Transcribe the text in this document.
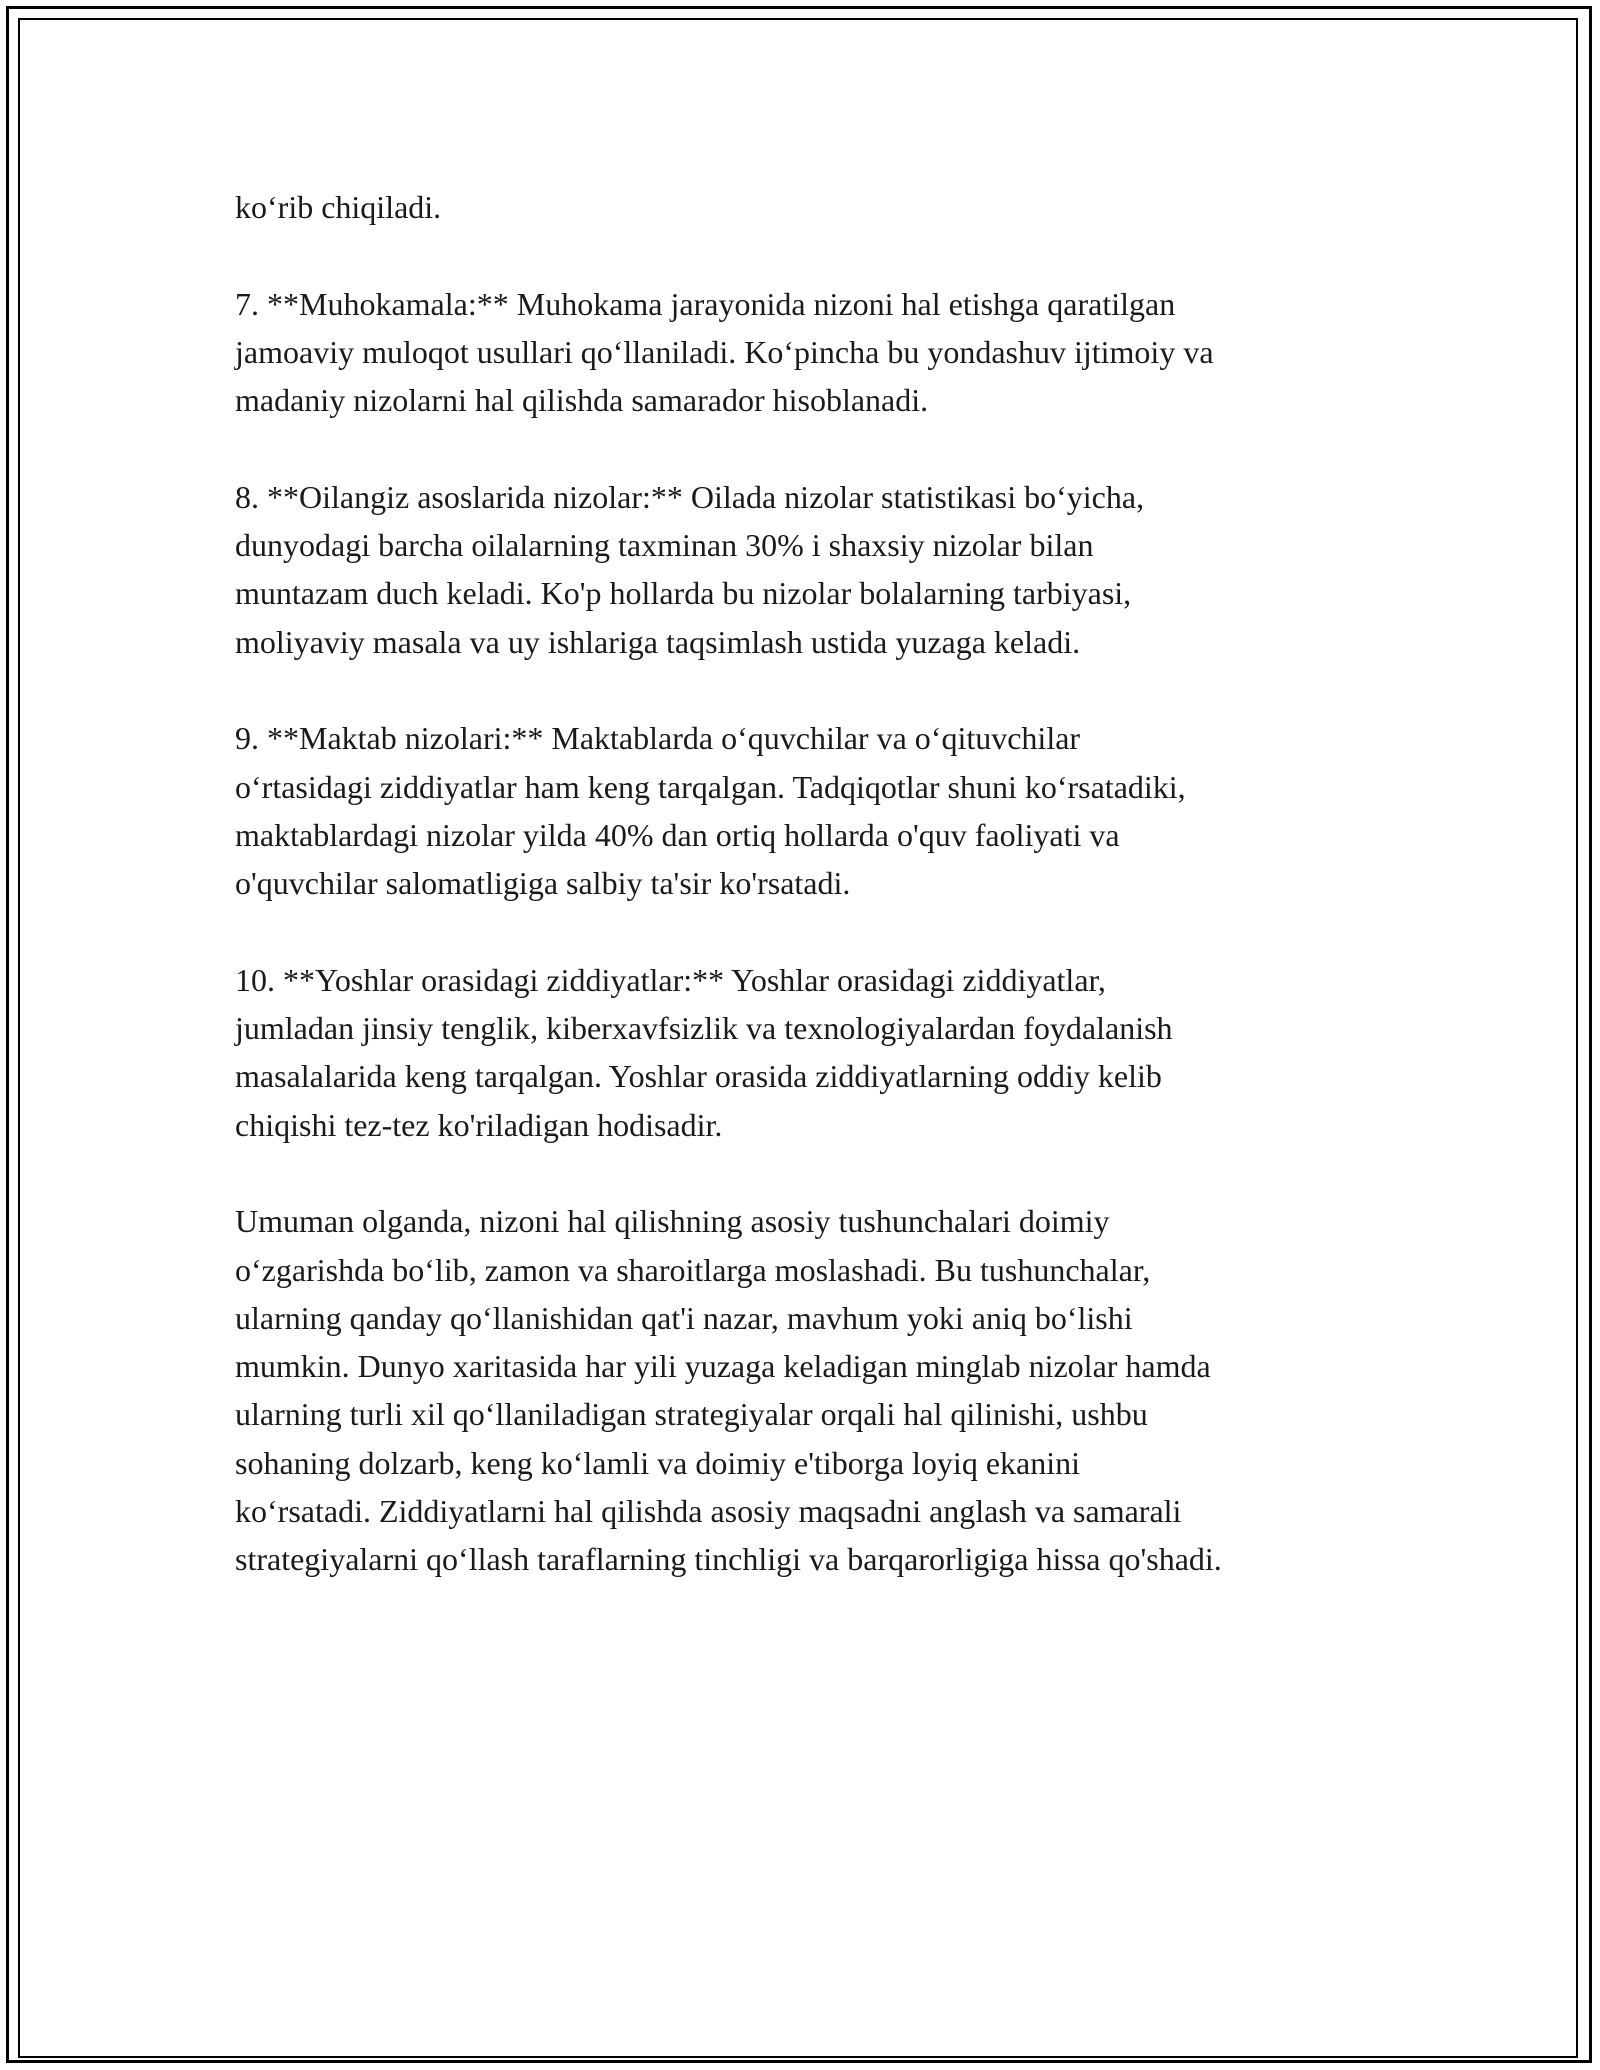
ko‘rib chiqiladi.

7. **Muhokamala:** Muhokama jarayonida nizoni hal etishga qaratilgan
jamoaviy muloqot usullari qo‘llaniladi. Ko‘pincha bu yondashuv ijtimoiy va
madaniy nizolarni hal qilishda samarador hisoblanadi.

8. **Oilangiz asoslarida nizolar:** Oilada nizolar statistikasi bo‘yicha,
dunyodagi barcha oilalarning taxminan 30% i shaxsiy nizolar bilan
muntazam duch keladi. Ko'p hollarda bu nizolar bolalarning tarbiyasi,
moliyaviy masala va uy ishlariga taqsimlash ustida yuzaga keladi.

9. **Maktab nizolari:** Maktablarda o‘quvchilar va o‘qituvchilar
o‘rtasidagi ziddiyatlar ham keng tarqalgan. Tadqiqotlar shuni ko‘rsatadiki,
maktablardagi nizolar yilda 40% dan ortiq hollarda o'quv faoliyati va
o'quvchilar salomatligiga salbiy ta'sir ko'rsatadi.

10. **Yoshlar orasidagi ziddiyatlar:** Yoshlar orasidagi ziddiyatlar,
jumladan jinsiy tenglik, kiberxavfsizlik va texnologiyalardan foydalanish
masalalarida keng tarqalgan. Yoshlar orasida ziddiyatlarning oddiy kelib
chiqishi tez-tez ko'riladigan hodisadir.

Umuman olganda, nizoni hal qilishning asosiy tushunchalari doimiy
o‘zgarishda bo‘lib, zamon va sharoitlarga moslashadi. Bu tushunchalar,
ularning qanday qo‘llanishidan qat'i nazar, mavhum yoki aniq bo‘lishi
mumkin. Dunyo xaritasida har yili yuzaga keladigan minglab nizolar hamda
ularning turli xil qo‘llaniladigan strategiyalar orqali hal qilinishi, ushbu
sohaning dolzarb, keng ko‘lamli va doimiy e'tiborga loyiq ekanini
ko‘rsatadi. Ziddiyatlarni hal qilishda asosiy maqsadni anglash va samarali
strategiyalarni qo‘llash taraflarning tinchligi va barqarorligiga hissa qo'shadi.
